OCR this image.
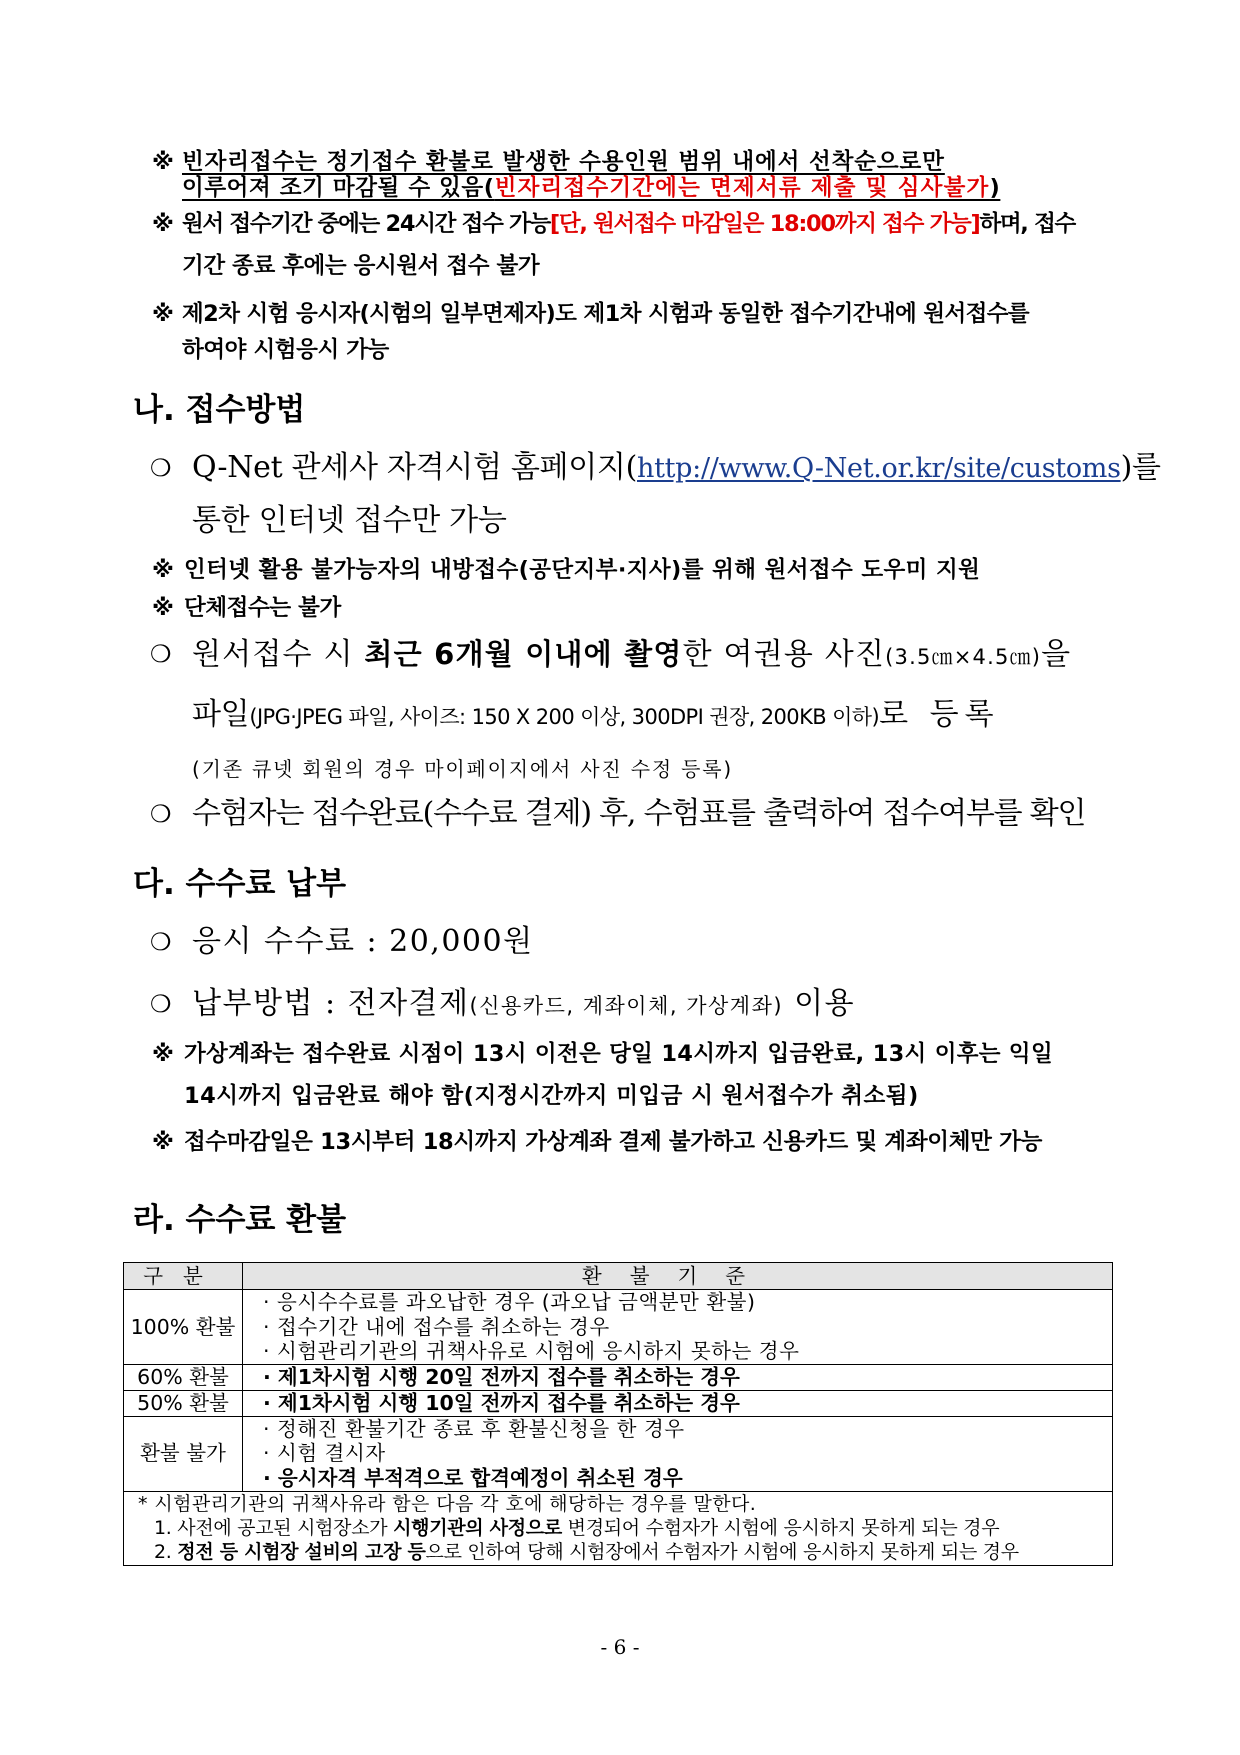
※ 빈자리접수는 정기접수 환불로 발생한 수용인원 범위 내에서 선착순으로만
이루어져 조기 마감될 수 있음(빈자리접수기간에는 면제서류 제출 및 심사불가)
※ 원서 접수기간 중에는 24시간 접수 가능[단, 원서접수 마감일은 18:00까지 접수 가능]하며, 접수
기간 종료 후에는 응시원서 접수 불가
※ 제2차 시험 응시자(시험의 일부면제자)도 제1차 시험과 동일한 접수기간내에 원서접수를
하여야 시험응시 가능
나. 접수방법
❍ Q-Net 관세사 자격시험 홈페이지(http://www.Q-Net.or.kr/site/customs)를
통한 인터넷 접수만 가능
※ 인터넷 활용 불가능자의 내방접수(공단지부·지사)를 위해 원서접수 도우미 지원
※ 단체접수는 불가
❍ 원서접수 시 최근 6개월 이내에 촬영한 여권용 사진(3.5㎝×4.5㎝)을
파일(JPG·JPEG 파일, 사이즈: 150 X 200 이상, 300DPI 권장, 200KB 이하)로 등록
(기존 큐넷 회원의 경우 마이페이지에서 사진 수정 등록)
❍ 수험자는 접수완료(수수료 결제) 후, 수험표를 출력하여 접수여부를 확인
다. 수수료 납부
❍ 응시 수수료 : 20,000원
❍ 납부방법 : 전자결제(신용카드, 계좌이체, 가상계좌) 이용
※ 가상계좌는 접수완료 시점이 13시 이전은 당일 14시까지 입금완료, 13시 이후는 익일
14시까지 입금완료 해야 함(지정시간까지 미입금 시 원서접수가 취소됨)
※ 접수마감일은 13시부터 18시까지 가상계좌 결제 불가하고 신용카드 및 계좌이체만 가능
라. 수수료 환불
구분	환불기준
100% 환불	· 응시수수료를 과오납한 경우 (과오납 금액분만 환불)
· 접수기간 내에 접수를 취소하는 경우
· 시험관리기관의 귀책사유로 시험에 응시하지 못하는 경우

60% 환불	· 제1차시험 시행 20일 전까지 접수를 취소하는 경우

50% 환불	· 제1차시험 시행 10일 전까지 접수를 취소하는 경우

환불 불가	· 정해진 환불기간 종료 후 환불신청을 한 경우
· 시험 결시자
· 응시자격 부적격으로 합격예정이 취소된 경우

* 시험관리기관의 귀책사유라 함은 다음 각 호에 해당하는 경우를 말한다.
1. 사전에 공고된 시험장소가 시행기관의 사정으로 변경되어 수험자가 시험에 응시하지 못하게 되는 경우
2. 정전 등 시험장 설비의 고장 등으로 인하여 당해 시험장에서 수험자가 시험에 응시하지 못하게 되는 경우	
- 6 -
